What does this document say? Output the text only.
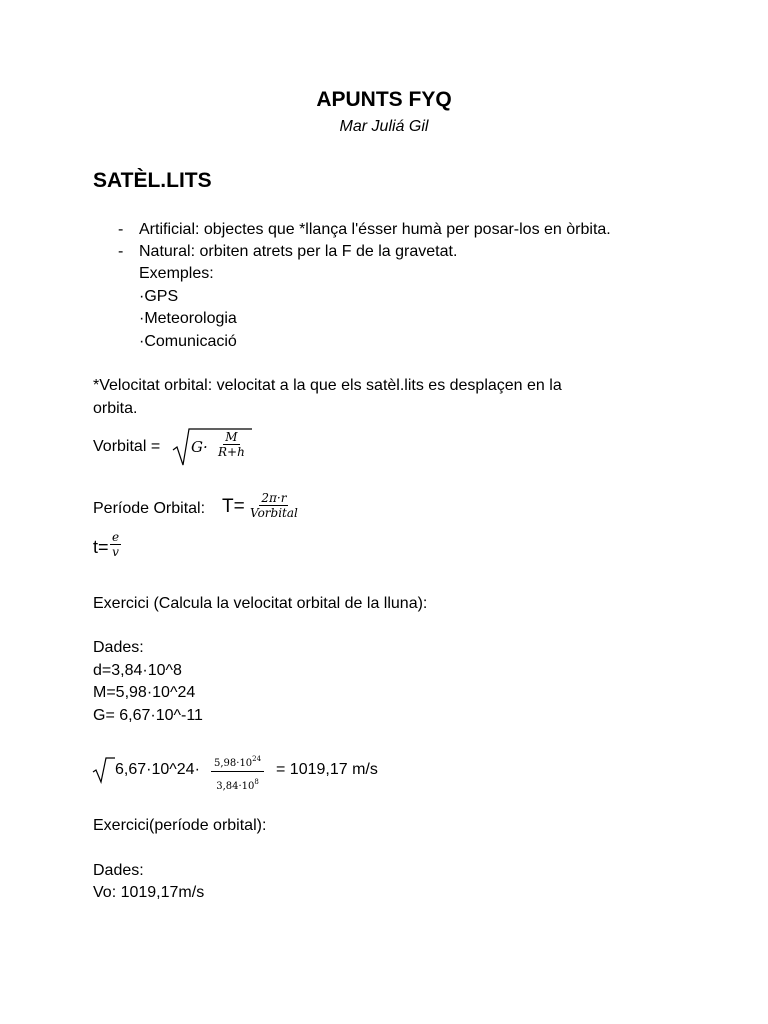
APUNTS FYQ
Mar Juliá Gil
SATÈL.LITS
- Artificial: objectes que *llança l'ésser humà per posar-los en òrbita.
- Natural: orbiten atrets per la F de la gravetat.
Exemples:
·GPS
·Meteorologia
·Comunicació
*Velocitat orbital: velocitat a la que els satèl.lits es desplaçen en la
orbita.
Vorbital = $G\cdot \frac{M}{R+h}$
Període Orbital: $T= \frac{2\pi\cdot r}{\text{Vorbital}}$
$t= \frac{e}{v}$
Exercici (Calcula la velocitat orbital de la lluna):
Dades:
d=3,84·10^8
M=5,98·10^24
G= 6,67·10^-11
6,67·10^24· $\frac{5,98\cdot 10^{24}}{3,84\cdot 10^8} = 1019,17$ m/s
Exercici(període orbital):
Dades:
Vo: 1019,17m/s
